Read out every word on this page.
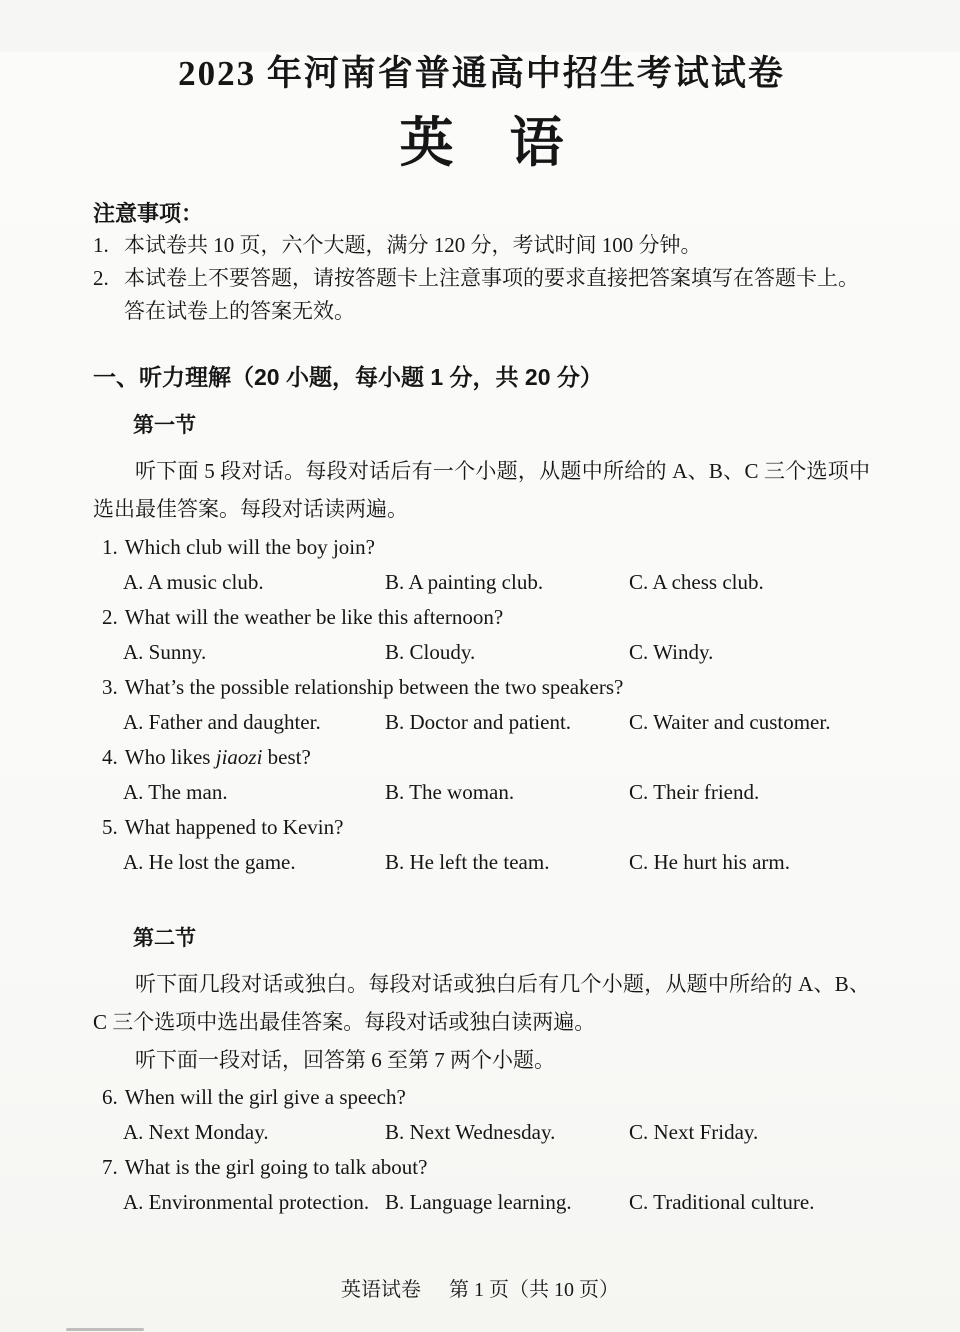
2023 年河南省普通高中招生考试试卷
英 语
注意事项：
1. 本试卷共 10 页，六个大题，满分 120 分，考试时间 100 分钟。
2. 本试卷上不要答题，请按答题卡上注意事项的要求直接把答案填写在答题卡上。答在试卷上的答案无效。
一、听力理解（20 小题，每小题 1 分，共 20 分）
第一节

听下面 5 段对话。每段对话后有一个小题，从题中所给的 A、B、C 三个选项中选出最佳答案。每段对话读两遍。

1. Which club will the boy join?
A. A music club.	B. A painting club.	C. A chess club.
2. What will the weather be like this afternoon?
A. Sunny.	B. Cloudy.	C. Windy.
3. What’s the possible relationship between the two speakers?
A. Father and daughter.	B. Doctor and patient.	C. Waiter and customer.
4. Who likes jiaozi best?
A. The man.	B. The woman.	C. Their friend.
5. What happened to Kevin?
A. He lost the game.	B. He left the team.	C. He hurt his arm.
第二节

听下面几段对话或独白。每段对话或独白后有几个小题，从题中所给的 A、B、C 三个选项中选出最佳答案。每段对话或独白读两遍。

听下面一段对话，回答第 6 至第 7 两个小题。

6. When will the girl give a speech?
A. Next Monday.	B. Next Wednesday.	C. Next Friday.
7. What is the girl going to talk about?
A. Environmental protection. B. Language learning.	C. Traditional culture.
英语试卷 第 1 页（共 10 页）
